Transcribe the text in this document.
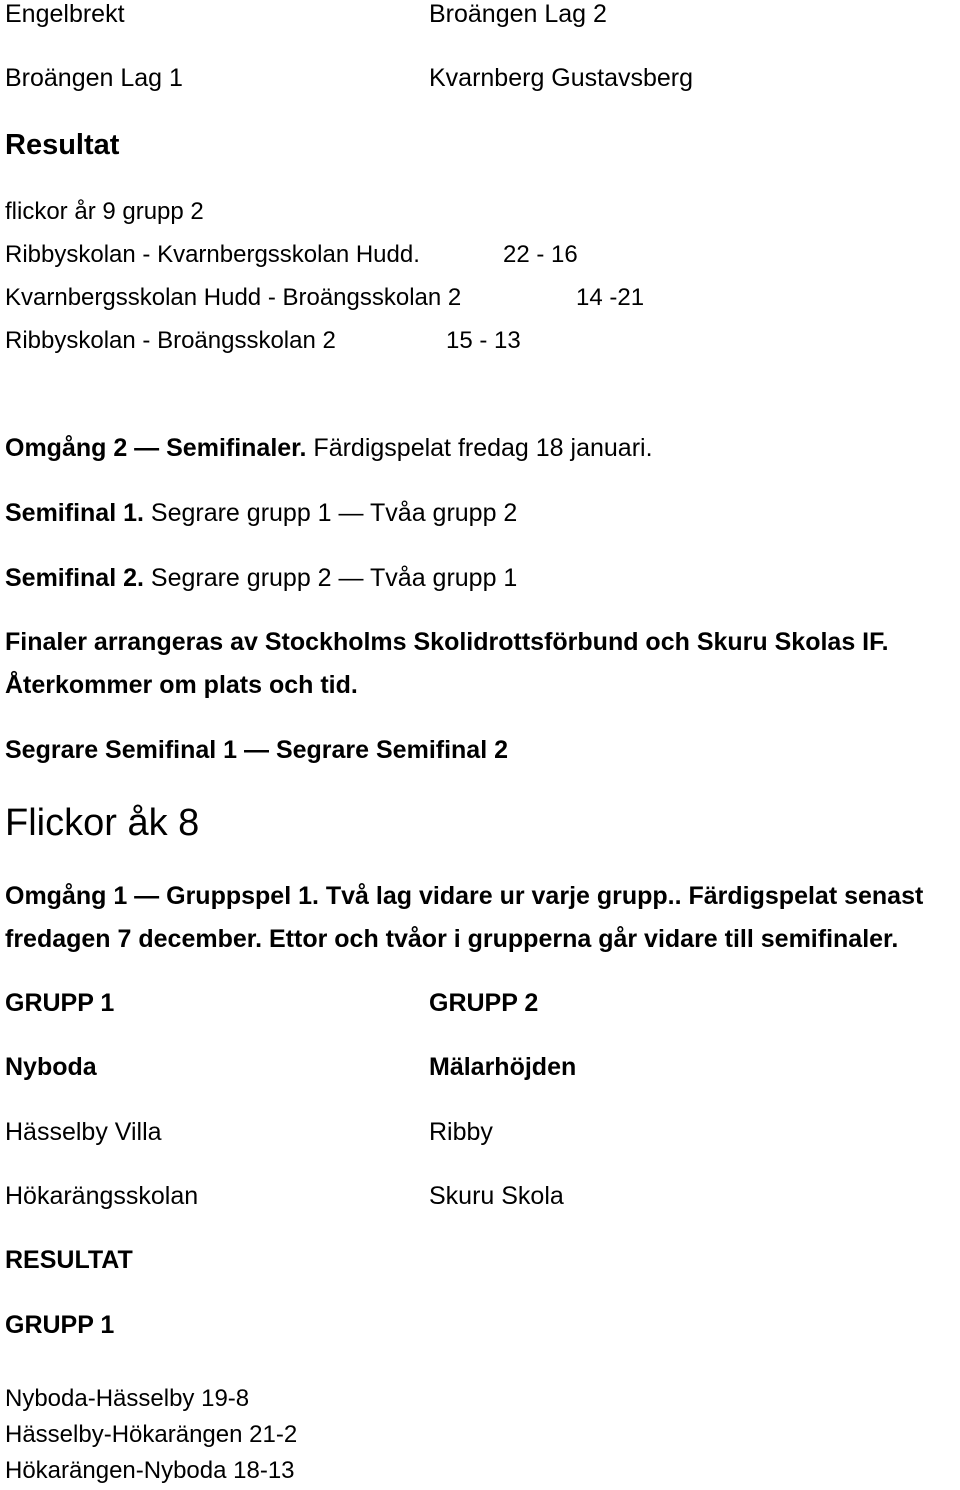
Engelbrekt	Broängen Lag 2

Broängen Lag 1	Kvarnberg Gustavsberg

Resultat

flickor år 9 grupp 2

Ribbyskolan - Kvarnbergsskolan Hudd.	22 - 16

Kvarnbergsskolan Hudd - Broängsskolan 2	14 -21

Ribbyskolan - Broängsskolan 2	15 - 13

Omgång 2 — Semifinaler. Färdigspelat fredag 18 januari.

Semifinal 1. Segrare grupp 1 — Tvåa grupp 2

Semifinal 2. Segrare grupp 2 — Tvåa grupp 1

Finaler arrangeras av Stockholms Skolidrottsförbund och Skuru Skolas IF.

Återkommer om plats och tid.

Segrare Semifinal 1 — Segrare Semifinal 2

Flickor åk 8

Omgång 1 — Gruppspel 1. Två lag vidare ur varje grupp.. Färdigspelat senast

fredagen 7 december. Ettor och tvåor i grupperna går vidare till semifinaler.

GRUPP 1	GRUPP 2

Nyboda	Mälarhöjden

Hässelby Villa	Ribby

Hökarängsskolan	Skuru Skola

RESULTAT

GRUPP 1

Nyboda-Hässelby 19-8

Hässelby-Hökarängen 21-2

Hökarängen-Nyboda 18-13
